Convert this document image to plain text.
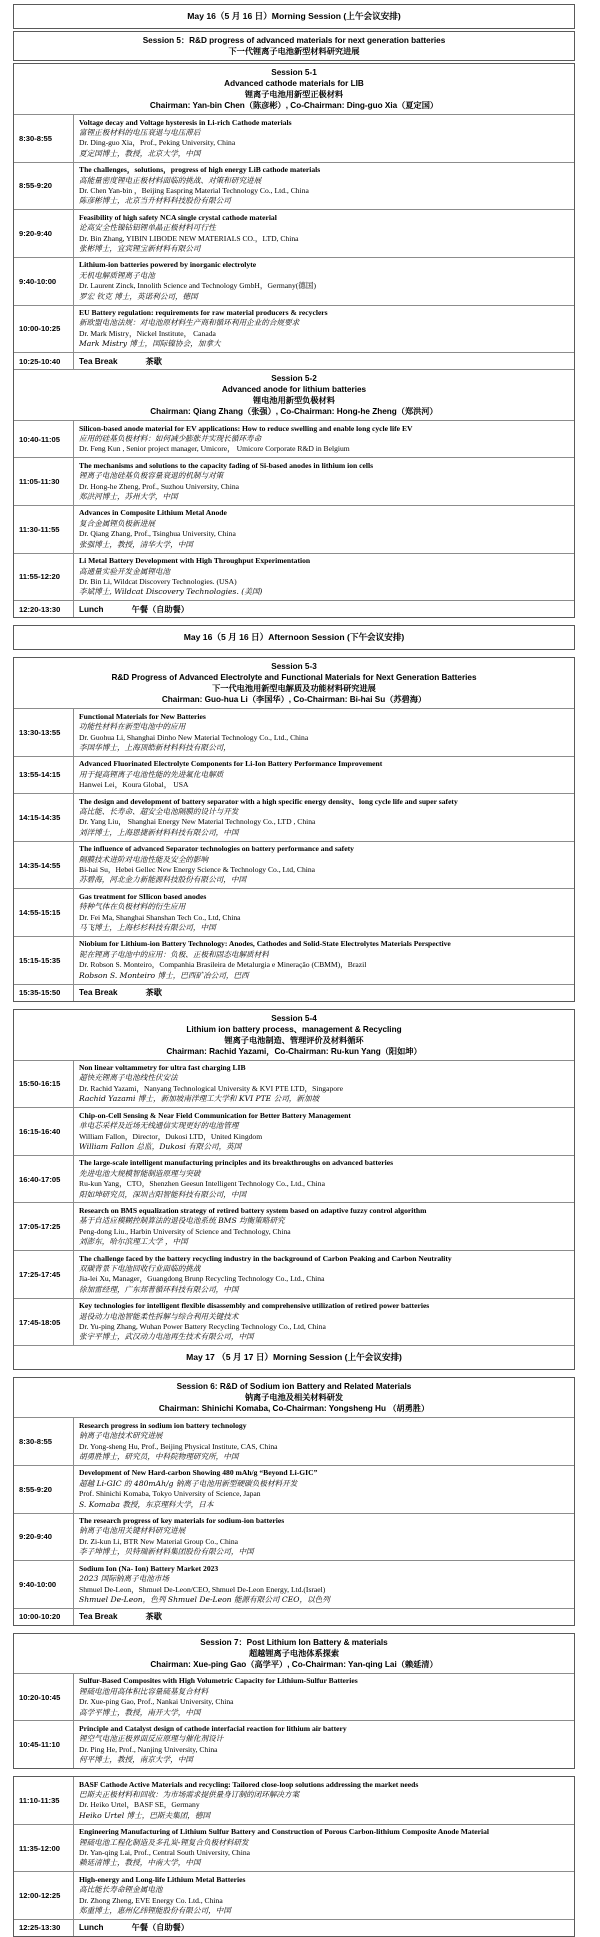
May 16（5 月 16 日）Morning Session (上午会议安排)
Session 5：R&D progress of advanced materials for next generation batteries
下一代锂离子电池新型材料研究进展
Session 5-1
Advanced cathode materials for LIB
锂离子电池用新型正极材料
Chairman: Yan-bin Chen（陈彦彬）, Co-Chairman: Ding-guo Xia（夏定国）
8:30-8:55
Voltage decay and Voltage hysteresis in Li-rich Cathode materials
富锂正极材料的电压衰退与电压滞后
Dr. Ding-guo Xia，Prof., Peking University, China
夏定国博士，教授，北京大学，中国
8:55-9:20
The challenges，solutions，progress of high energy LiB cathode materials
高能量密度锂电正极材料面临的挑战、对策和研究进展
Dr. Chen Yan-bin ，Beijing Easpring Material Technology Co., Ltd., China
陈彦彬博士，北京当升材料科技股份有限公司
9:20-9:40
Feasibility of high safety NCA single crystal cathode material
论高安全性镍钴铝锂单晶正极材料可行性
Dr. Bin Zhang, YIBIN LIBODE NEW MATERIALS CO.，LTD, China
张彬博士，宜宾锂宝新材料有限公司
9:40-10:00
Lithium-ion batteries powered by inorganic electrolyte
无机电解质锂离子电池
Dr. Laurent Zinck, Innolith Science and Technology GmbH，Germany(德国)
罗宏 钦克 博士，英诺利公司，德国
10:00-10:25
EU Battery regulation: requirements for raw material producers & recyclers
新欧盟电池法规：对电池原材料生产商和循环利用企业的合规要求
Dr. Mark Mistry，Nickel Institute， Canada
Mark Mistry 博士，国际镍协会，加拿大
10:25-10:40	Tea Break	茶歇
Session 5-2
Advanced anode for lithium batteries
锂电池用新型负极材料
Chairman: Qiang Zhang（张强）, Co-Chairman: Hong-he Zheng（郑洪河）
10:40-11:05
Silicon-based anode material for EV applications: How to reduce swelling and enable long cycle life EV
应用的硅基负极材料：如何减少膨胀并实现长循环寿命
Dr. Feng Kun , Senior project manager, Umicore， Umicore Corporate R&D in Belgium
11:05-11:30
The mechanisms and solutions to the capacity fading of Si-based anodes in lithium ion cells
锂离子电池硅基负极容量衰退的机制与对策
Dr. Hong-he Zheng, Prof., Suzhou University, China
郑洪河博士，苏州大学，中国
11:30-11:55
Advances in Composite Lithium Metal Anode
复合金属锂负极新进展
Dr. Qiang Zhang, Prof., Tsinghua University, China
张强博士，教授，清华大学，中国
11:55-12:20
Li Metal Battery Development with High Throughput Experimentation
高通量实验开发金属锂电池
Dr. Bin Li, Wildcat Discovery Technologies. (USA)
李斌博士, Wildcat Discovery Technologies. (美国)
12:20-13:30	Lunch	午餐（自助餐）
May 16（5 月 16 日）Afternoon Session (下午会议安排)
Session 5-3
R&D Progress of Advanced Electrolyte and Functional Materials for Next Generation Batteries
下一代电池用新型电解质及功能材料研究进展
Chairman: Guo-hua Li（李国华）, Co-Chairman: Bi-hai Su（苏碧海）
13:30-13:55
Functional Materials for New Batteries
功能性材料在新型电池中的应用
Dr. Guohua Li, Shanghai Dinho New Material Technology Co., Ltd., China
李国华博士，上海顶皓新材料科技有限公司，
13:55-14:15
Advanced Fluorinated Electrolyte Components for Li-Ion Battery Performance Improvement
用于提高锂离子电池性能的先进氟化电解质
Hanwei Lei，Koura Global， USA
14:15-14:35
The design and development of battery separator with a high specific energy density、long cycle life and super safety
高比能、长寿命、超安全电池隔膜的设计与开发
Dr. Yang Liu， Shanghai Energy New Material Technology Co., LTD , China
刘洋博士，上海恩捷新材料科技有限公司，中国
14:35-14:55
The influence of advanced Separator technologies on battery performance and safety
隔膜技术进阶对电池性能及安全的影响
Bi-hai Su，Hebei Gellec New Energy Science & Technology Co., Ltd, China
苏碧海，河北金力新能源科技股份有限公司，中国
14:55-15:15
Gas treatment for SIlicon based anodes
特种气体在负极材料的衍生应用
Dr. Fei Ma, Shanghai Shanshan Tech Co., Ltd, China
马飞博士，上海杉杉科技有限公司，中国
15:15-15:35
Niobium for Lithium-ion Battery Technology: Anodes, Cathodes and Solid-State Electrolytes Materials Perspective
铌在锂离子电池中的应用：负极、正极和固态电解质材料
Dr. Robson S. Monteiro，Companhia Brasileira de Metalurgia e Mineração (CBMM)，Brazil
Robson S. Monteiro 博士，巴西矿冶公司，巴西
15:35-15:50	Tea Break	茶歇
Session 5-4
Lithium ion battery process、management & Recycling
锂离子电池制造、管理评价及材料循环
Chairman: Rachid Yazami，Co-Chairman: Ru-kun Yang（阳如坤）
15:50-16:15
Non linear voltammetry for ultra fast charging LIB
超快充锂离子电池线性伏安法
Dr. Rachid Yazami，Nanyang Technological University & KVI PTE LTD，Singapore
Rachid Yazami 博士，新加坡南洋理工大学和 KVI PTE 公司，新加坡
16:15-16:40
Chip-on-Cell Sensing & Near Field Communication for Better Battery Management
单电芯采样及近场无线通信实现更好的电池管理
William Fallon，Director，Dukosi LTD，United Kingdom
William Fallon 总监，Dukosi 有限公司，英国
16:40-17:05
The large-scale intelligent manufacturing principles and its breakthroughs on advanced batteries
先进电池大规模智能制造原理与突破
Ru-kun Yang，CTO，Shenzhen Geesun Intelligent Technology Co., Ltd., China
阳如坤研究员，深圳吉阳智能科技有限公司，中国
17:05-17:25
Research on BMS equalization strategy of retired battery system based on adaptive fuzzy control algorithm
基于自适应模糊控制算法的退役电池系统 BMS 均衡策略研究
Peng-dong Liu., Harbin University of Science and Technology, China
刘澎东，哈尔滨理工大学 ，中国
17:25-17:45
The challenge faced by the battery recycling industry in the background of Carbon Peaking and Carbon Neutrality
双碳背景下电池回收行业面临的挑战
Jia-lei Xu, Manager，Guangdong Brunp Recycling Technology Co., Ltd., China
徐加雷经理，广东邦普循环科技有限公司，中国
17:45-18:05
Key technologies for intelligent flexible disassembly and comprehensive utilization of retired power batteries
退役动力电池智能柔性拆解与综合利用关键技术
Dr. Yu-ping Zhang, Wuhan Power Battery Recycling Technology Co., Ltd, China
张宇平博士，武汉动力电池再生技术有限公司，中国
May 17 （5 月 17 日）Morning Session (上午会议安排)
Session 6: R&D of Sodium ion Battery and Related Materials
钠离子电池及相关材料研发
Chairman: Shinichi Komaba, Co-Chairman: Yongsheng Hu （胡勇胜）
8:30-8:55
Research progress in sodium ion battery technology
钠离子电池技术研究进展
Dr. Yong-sheng Hu, Prof., Beijing Physical Institute, CAS, China
胡勇胜博士，研究员，中科院物理研究所，中国
8:55-9:20
Development of New Hard-carbon Showing 480 mAh/g “Beyond Li-GIC”
超越 Li-GIC 的 480mAh/g 钠离子电池用新型硬碳负极材料开发
Prof. Shinichi Komaba, Tokyo University of Science, Japan
S. Komaba 教授，东京理科大学，日本
9:20-9:40
The research progress of key materials for sodium-ion batteries
钠离子电池用关键材料研究进展
Dr. Zi-kun Li, BTR New Material Group Co., China
李子坤博士，贝特瑞新材料集团股份有限公司，中国
9:40-10:00
Sodium Ion (Na- Ion) Battery Market 2023
2023 国际钠离子电池市场
Shmuel De-Leon，Shmuel De-Leon/CEO, Shmuel De-Leon Energy, Ltd.(Israel)
Shmuel De-Leon，色列 Shmuel De-Leon 能源有限公司 CEO，以色列
10:00-10:20	Tea Break	茶歇
Session 7：Post Lithium Ion Battery & materials
超越锂离子电池体系探索
Chairman: Xue-ping Gao（高学平）, Co-Chairman: Yan-qing Lai（赖延清）
10:20-10:45
Sulfur-Based Composites with High Volumetric Capacity for Lithium-Sulfur Batteries
锂硫电池用高体积比容量硫基复合材料
Dr. Xue-ping Gao, Prof., Nankai University, China
高学平博士，教授，南开大学，中国
10:45-11:10
Principle and Catalyst design of cathode interfacial reaction for lithium air battery
锂空气电池正极界面反应原理与催化剂设计
Dr. Ping He, Prof., Nanjing University, China
何平博士，教授，南京大学，中国
11:10-11:35
BASF Cathode Active Materials and recycling: Tailored close-loop solutions addressing the market needs
巴斯夫正极材料和回收：为市场需求提供量身订制的闭环解决方案
Dr. Heiko Urtel，BASF SE，Germany
Heiko Urtel 博士，巴斯夫集团，德国
11:35-12:00
Engineering Manufacturing of Lithium Sulfur Battery and Construction of Porous Carbon-lithium Composite Anode Material
锂硫电池工程化制造及多孔炭-锂复合负极材料研发
Dr. Yan-qing Lai, Prof., Central South University, China
赖延清博士，教授，中南大学，中国
12:00-12:25
High-energy and Long-life Lithium Metal Batteries
高比能长寿命锂金属电池
Dr. Zhong Zheng, EVE Energy Co. Ltd., China
郑重博士，惠州亿纬锂能股份有限公司，中国
12:25-13:30	Lunch	午餐（自助餐）
